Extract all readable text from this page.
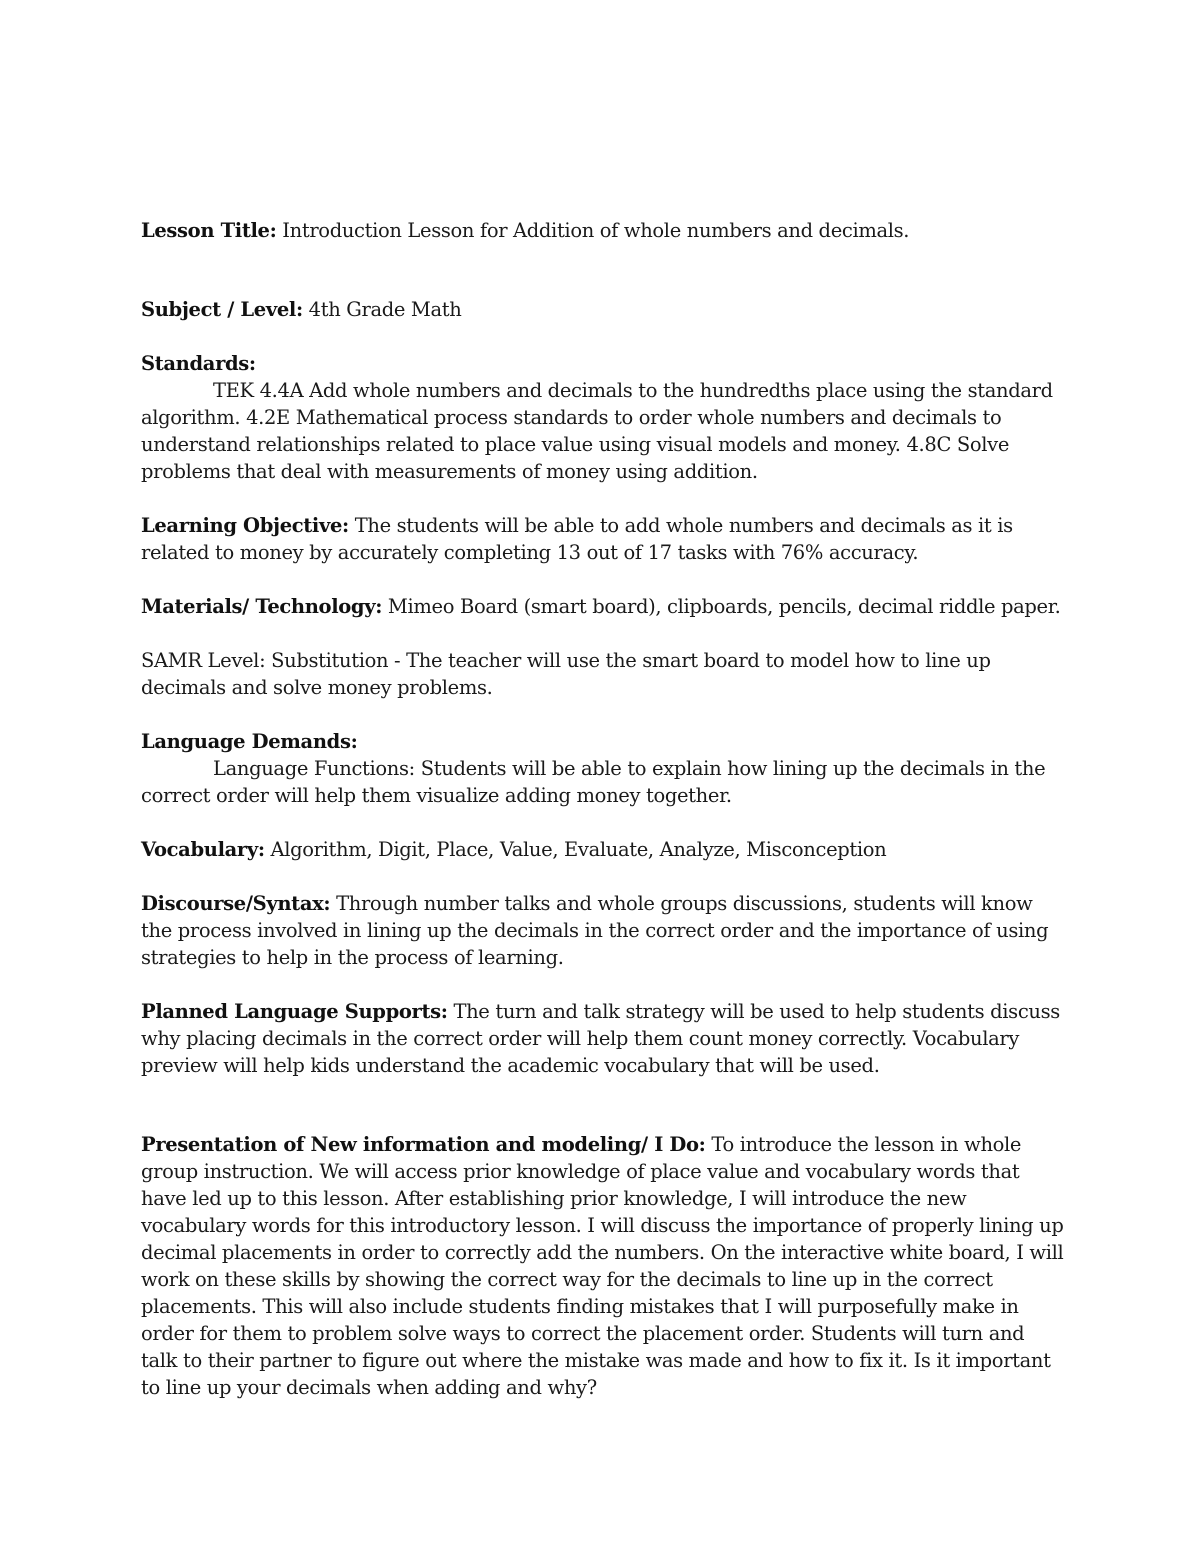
Lesson Title: Introduction Lesson for Addition of whole numbers and decimals.

Subject / Level: 4th Grade Math

Standards:

TEK 4.4A Add whole numbers and decimals to the hundredths place using the standard algorithm. 4.2E Mathematical process standards to order whole numbers and decimals to understand relationships related to place value using visual models and money. 4.8C Solve problems that deal with measurements of money using addition.

Learning Objective: The students will be able to add whole numbers and decimals as it is related to money by accurately completing 13 out of 17 tasks with 76% accuracy.

Materials/ Technology: Mimeo Board (smart board), clipboards, pencils, decimal riddle paper.

SAMR Level: Substitution - The teacher will use the smart board to model how to line up decimals and solve money problems.

Language Demands:

Language Functions: Students will be able to explain how lining up the decimals in the correct order will help them visualize adding money together.

Vocabulary: Algorithm, Digit, Place, Value, Evaluate, Analyze, Misconception

Discourse/Syntax: Through number talks and whole groups discussions, students will know the process involved in lining up the decimals in the correct order and the importance of using strategies to help in the process of learning.

Planned Language Supports: The turn and talk strategy will be used to help students discuss why placing decimals in the correct order will help them count money correctly. Vocabulary preview will help kids understand the academic vocabulary that will be used.

Presentation of New information and modeling/ I Do: To introduce the lesson in whole group instruction. We will access prior knowledge of place value and vocabulary words that have led up to this lesson. After establishing prior knowledge, I will introduce the new vocabulary words for this introductory lesson. I will discuss the importance of properly lining up decimal placements in order to correctly add the numbers. On the interactive white board, I will work on these skills by showing the correct way for the decimals to line up in the correct placements. This will also include students finding mistakes that I will purposefully make in order for them to problem solve ways to correct the placement order. Students will turn and talk to their partner to figure out where the mistake was made and how to fix it. Is it important to line up your decimals when adding and why?
